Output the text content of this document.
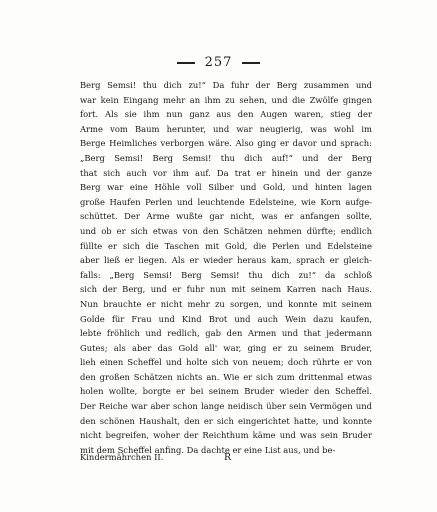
257
Berg Semsi! thu dich zu!“ Da fuhr der Berg zusammen und
war kein Eingang mehr an ihm zu sehen, und die Zwölfe gingen
fort. Als sie ihm nun ganz aus den Augen waren, stieg der
Arme vom Baum herunter, und war neugierig, was wohl im
Berge Heimliches verborgen wäre. Also ging er davor und sprach:
„Berg Semsi! Berg Semsi! thu dich auf!“ und der Berg
that sich auch vor ihm auf. Da trat er hinein und der ganze
Berg war eine Höhle voll Silber und Gold, und hinten lagen
große Haufen Perlen und leuchtende Edelsteine, wie Korn aufge-
schüttet. Der Arme wußte gar nicht, was er anfangen sollte,
und ob er sich etwas von den Schätzen nehmen dürfte; endlich
füllte er sich die Taschen mit Gold, die Perlen und Edelsteine
aber ließ er liegen. Als er wieder heraus kam, sprach er gleich-
falls: „Berg Semsi! Berg Semsi! thu dich zu!“ da schloß
sich der Berg, und er fuhr nun mit seinem Karren nach Haus.
Nun brauchte er nicht mehr zu sorgen, und konnte mit seinem
Golde für Frau und Kind Brot und auch Wein dazu kaufen,
lebte fröhlich und redlich, gab den Armen und that jedermann
Gutes; als aber das Gold all' war, ging er zu seinem Bruder,
lieh einen Scheffel und holte sich von neuem; doch rührte er von
den großen Schätzen nichts an. Wie er sich zum drittenmal etwas
holen wollte, borgte er bei seinem Bruder wieder den Scheffel.
Der Reiche war aber schon lange neidisch über sein Vermögen und
den schönen Haushalt, den er sich eingerichtet hatte, und konnte
nicht begreifen, woher der Reichthum käme und was sein Bruder
mit dem Scheffel anfing. Da dachte er eine List aus, und be-
Kindermährchen II.	R
